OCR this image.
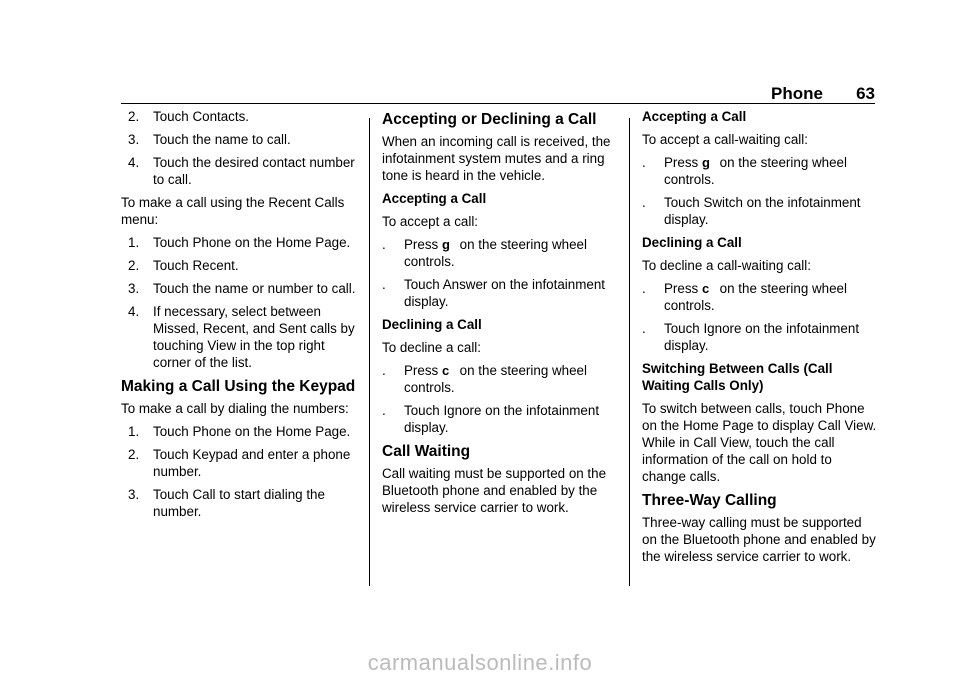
Phone 63
2. Touch Contacts.
3. Touch the name to call.
4. Touch the desired contact number to call.

To make a call using the Recent Calls menu:

1. Touch Phone on the Home Page.
2. Touch Recent.
3. Touch the name or number to call.
4. If necessary, select between Missed, Recent, and Sent calls by touching View in the top right corner of the list.
Making a Call Using the Keypad

To make a call by dialing the numbers:

1. Touch Phone on the Home Page.
2. Touch Keypad and enter a phone number.
3. Touch Call to start dialing the number.
Accepting or Declining a Call

When an incoming call is received, the infotainment system mutes and a ring tone is heard in the vehicle.

Accepting a Call

To accept a call:

. Press g on the steering wheel controls.
. Touch Answer on the infotainment display.
Declining a Call

To decline a call:

. Press c on the steering wheel controls.
. Touch Ignore on the infotainment display.
Call Waiting

Call waiting must be supported on the Bluetooth phone and enabled by the wireless service carrier to work.

Accepting a Call

To accept a call-waiting call:

. Press g on the steering wheel controls.
. Touch Switch on the infotainment display.
Declining a Call

To decline a call-waiting call:

. Press c on the steering wheel controls.
. Touch Ignore on the infotainment display.
Switching Between Calls (Call Waiting Calls Only)

To switch between calls, touch Phone on the Home Page to display Call View. While in Call View, touch the call information of the call on hold to change calls.

Three-Way Calling

Three-way calling must be supported on the Bluetooth phone and enabled by the wireless service carrier to work.

carmanualsonline.info
